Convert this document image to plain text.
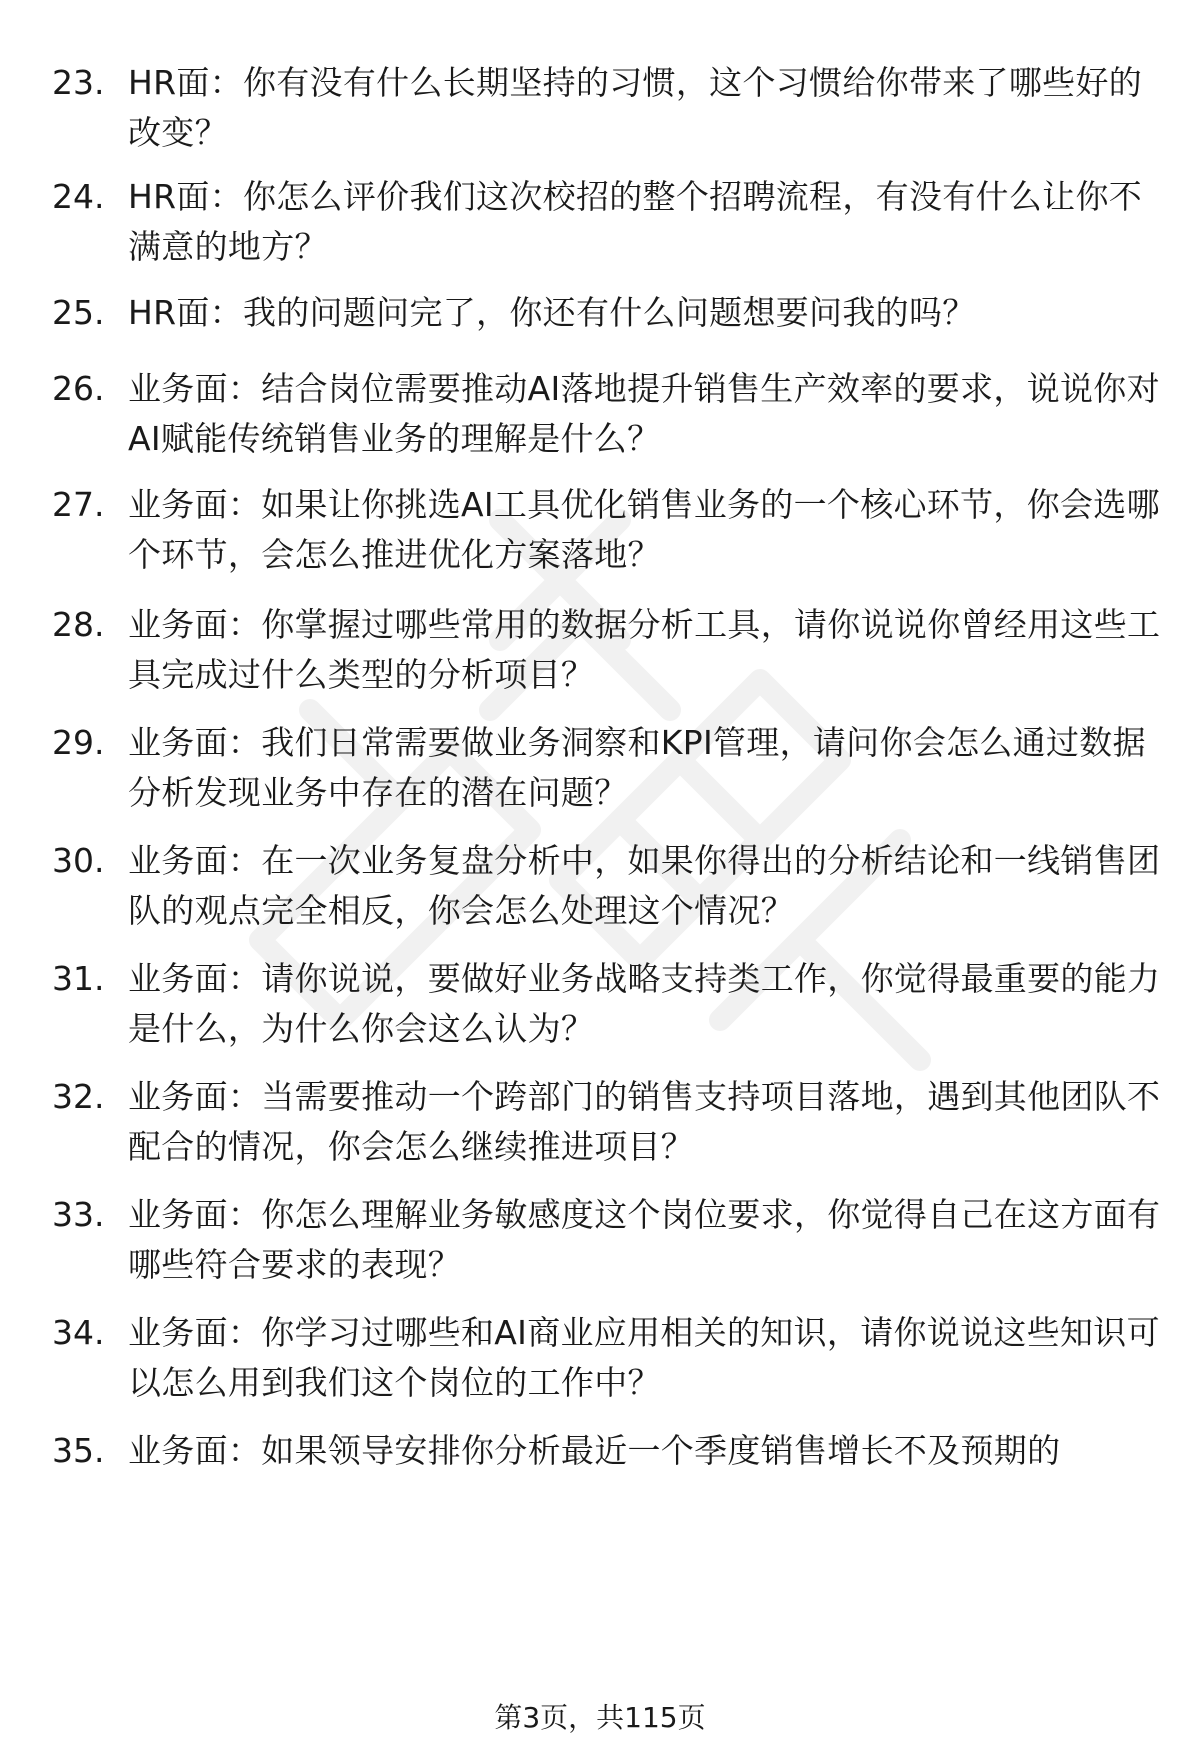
23. HR面：你有没有什么长期坚持的习惯，这个习惯给你带来了哪些好的改变？

24. HR面：你怎么评价我们这次校招的整个招聘流程，有没有什么让你不满意的地方？

25. HR面：我的问题问完了，你还有什么问题想要问我的吗？

26. 业务面：结合岗位需要推动AI落地提升销售生产效率的要求，说说你对AI赋能传统销售业务的理解是什么？

27. 业务面：如果让你挑选AI工具优化销售业务的一个核心环节，你会选哪个环节，会怎么推进优化方案落地？

28. 业务面：你掌握过哪些常用的数据分析工具，请你说说你曾经用这些工具完成过什么类型的分析项目？

29. 业务面：我们日常需要做业务洞察和KPI管理，请问你会怎么通过数据分析发现业务中存在的潜在问题？

30. 业务面：在一次业务复盘分析中，如果你得出的分析结论和一线销售团队的观点完全相反，你会怎么处理这个情况？

31. 业务面：请你说说，要做好业务战略支持类工作，你觉得最重要的能力是什么，为什么你会这么认为？

32. 业务面：当需要推动一个跨部门的销售支持项目落地，遇到其他团队不配合的情况，你会怎么继续推进项目？

33. 业务面：你怎么理解业务敏感度这个岗位要求，你觉得自己在这方面有哪些符合要求的表现？

34. 业务面：你学习过哪些和AI商业应用相关的知识，请你说说这些知识可以怎么用到我们这个岗位的工作中？

35. 业务面：如果领导安排你分析最近一个季度销售增长不及预期的

第3页，共115页
